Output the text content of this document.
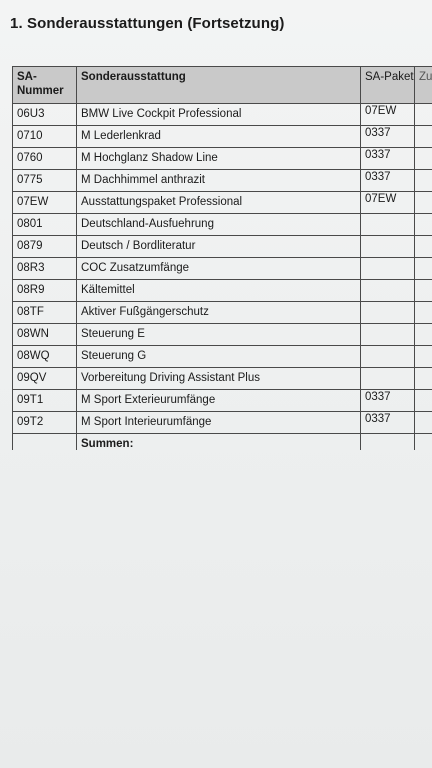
1. Sonderausstattungen (Fortsetzung)
SA-Nummer	Sonderausstattung	SA-Paket	Zu
06U3	BMW Live Cockpit Professional	07EW	
0710	M Lederlenkrad	0337	
0760	M Hochglanz Shadow Line	0337	
0775	M Dachhimmel anthrazit	0337	
07EW	Ausstattungspaket Professional	07EW	
0801	Deutschland-Ausfuehrung		
0879	Deutsch / Bordliteratur		
08R3	COC Zusatzumfänge		
08R9	Kältemittel		
08TF	Aktiver Fußgängerschutz		
08WN	Steuerung E		
08WQ	Steuerung G		
09QV	Vorbereitung Driving Assistant Plus		
09T1	M Sport Exterieurumfänge	0337	
09T2	M Sport Interieurumfänge	0337	
	Summen:		
